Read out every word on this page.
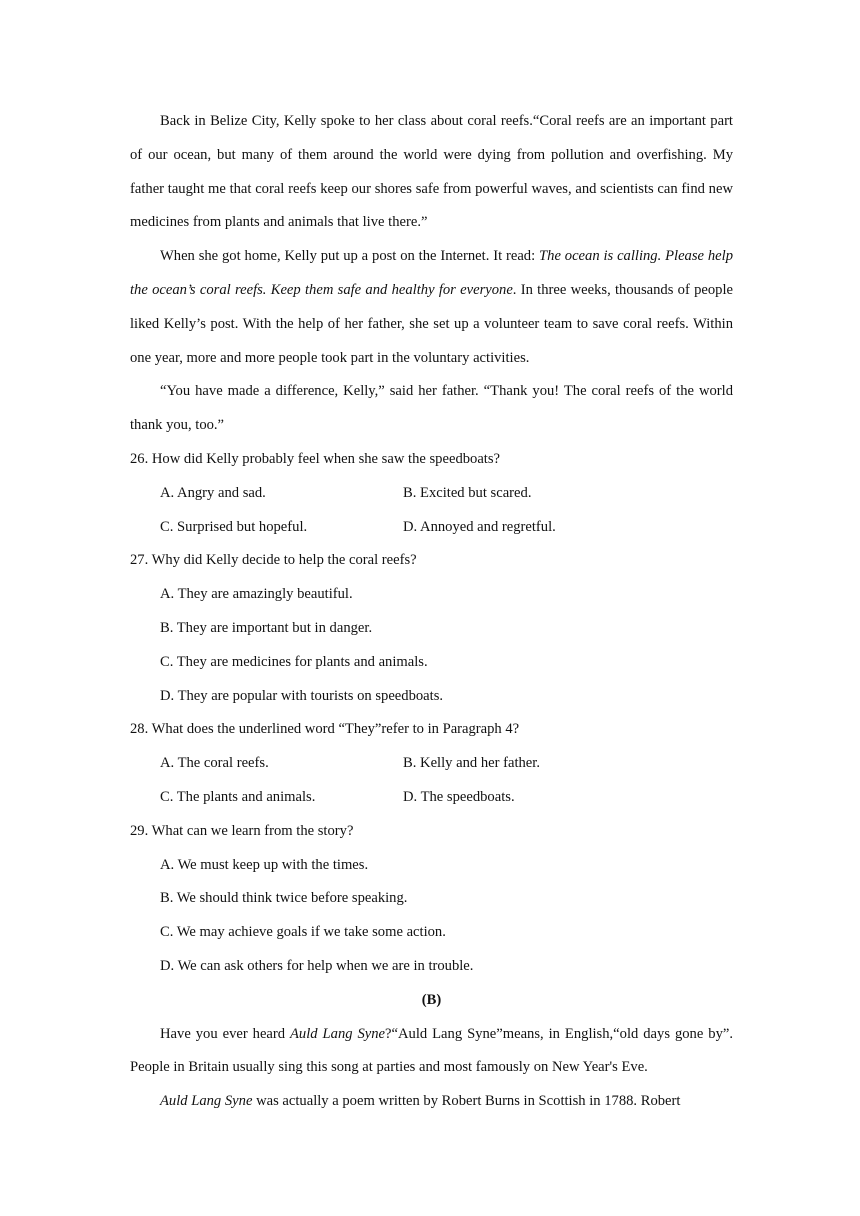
Back in Belize City, Kelly spoke to her class about coral reefs.“Coral reefs are an important part of our ocean, but many of them around the world were dying from pollution and overfishing. My father taught me that coral reefs keep our shores safe from powerful waves, and scientists can find new medicines from plants and animals that live there.”

When she got home, Kelly put up a post on the Internet. It read: The ocean is calling. Please help the ocean’s coral reefs. Keep them safe and healthy for everyone. In three weeks, thousands of people liked Kelly’s post. With the help of her father, she set up a volunteer team to save coral reefs. Within one year, more and more people took part in the voluntary activities.

“You have made a difference, Kelly,” said her father. “Thank you! The coral reefs of the world thank you, too.”

26. How did Kelly probably feel when she saw the speedboats?
A. Angry and sad.	B. Excited but scared.
C. Surprised but hopeful.	D. Annoyed and regretful.
27. Why did Kelly decide to help the coral reefs?
A. They are amazingly beautiful.
B. They are important but in danger.
C. They are medicines for plants and animals.
D. They are popular with tourists on speedboats.
28. What does the underlined word “They”refer to in Paragraph 4?
A. The coral reefs.	B. Kelly and her father.
C. The plants and animals.	D. The speedboats.
29. What can we learn from the story?
A. We must keep up with the times.
B. We should think twice before speaking.
C. We may achieve goals if we take some action.
D. We can ask others for help when we are in trouble.
(B)

Have you ever heard Auld Lang Syne?“Auld Lang Syne”means, in English,“old days gone by”. People in Britain usually sing this song at parties and most famously on New Year's Eve.

Auld Lang Syne was actually a poem written by Robert Burns in Scottish in 1788. Robert
